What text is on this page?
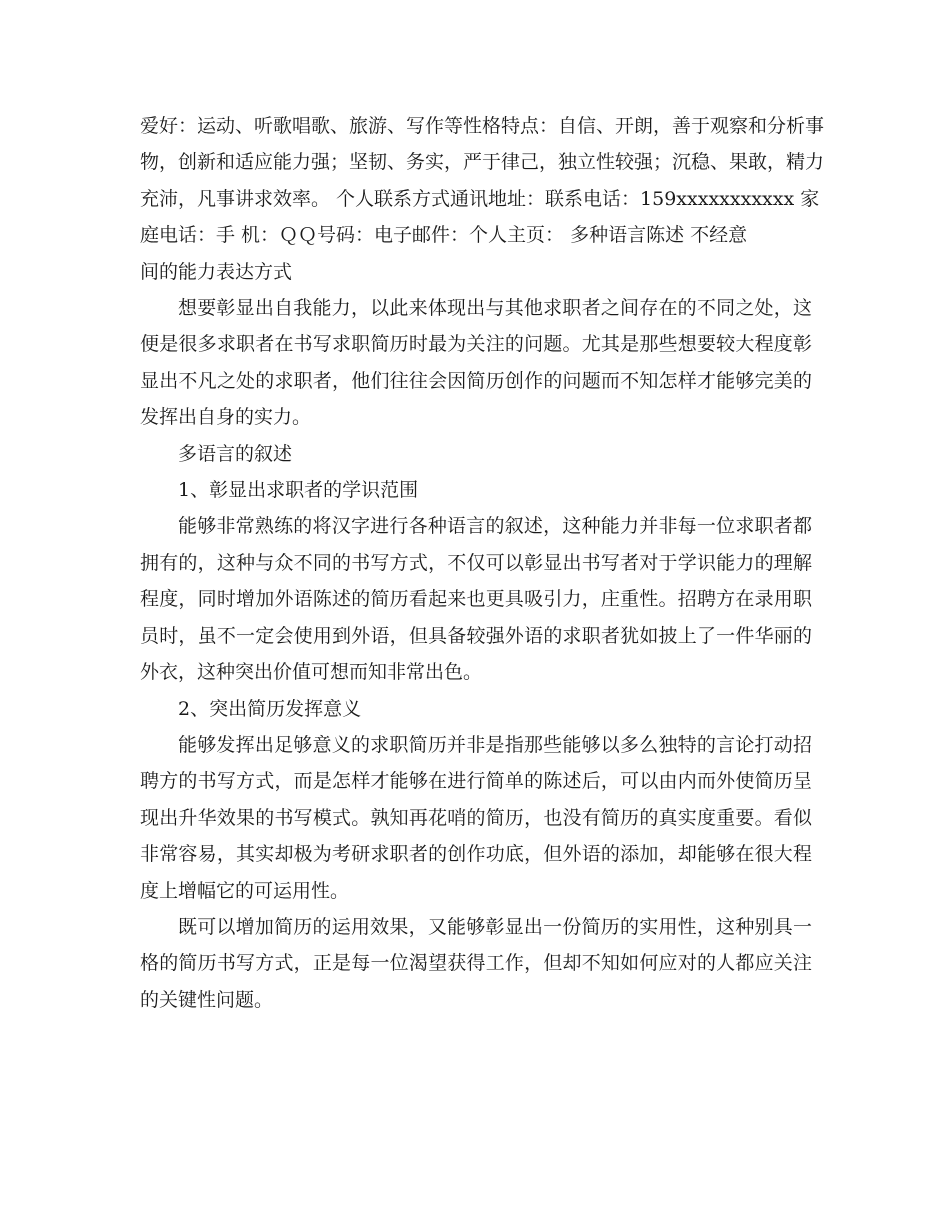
爱好：运动、听歌唱歌、旅游、写作等性格特点：自信、开朗，善于观察和分析事
物，创新和适应能力强；坚韧、务实，严于律己，独立性较强；沉稳、果敢，精力
充沛，凡事讲求效率。 个人联系方式通讯地址：联系电话：159xxxxxxxxxxx 家
庭电话：手 机：ＱＱ号码：电子邮件：个人主页： 多种语言陈述 不经意
间的能力表达方式

想要彰显出自我能力，以此来体现出与其他求职者之间存在的不同之处，这便是很多求职者在书写求职简历时最为关注的问题。尤其是那些想要较大程度彰显出不凡之处的求职者，他们往往会因简历创作的问题而不知怎样才能够完美的发挥出自身的实力。

多语言的叙述

1、彰显出求职者的学识范围

能够非常熟练的将汉字进行各种语言的叙述，这种能力并非每一位求职者都拥有的，这种与众不同的书写方式，不仅可以彰显出书写者对于学识能力的理解程度，同时增加外语陈述的简历看起来也更具吸引力，庄重性。招聘方在录用职员时，虽不一定会使用到外语，但具备较强外语的求职者犹如披上了一件华丽的外衣，这种突出价值可想而知非常出色。

2、突出简历发挥意义

能够发挥出足够意义的求职简历并非是指那些能够以多么独特的言论打动招聘方的书写方式，而是怎样才能够在进行简单的陈述后，可以由内而外使简历呈现出升华效果的书写模式。孰知再花哨的简历，也没有简历的真实度重要。看似非常容易，其实却极为考研求职者的创作功底，但外语的添加，却能够在很大程度上增幅它的可运用性。

既可以增加简历的运用效果，又能够彰显出一份简历的实用性，这种别具一格的简历书写方式，正是每一位渴望获得工作，但却不知如何应对的人都应关注的关键性问题。
